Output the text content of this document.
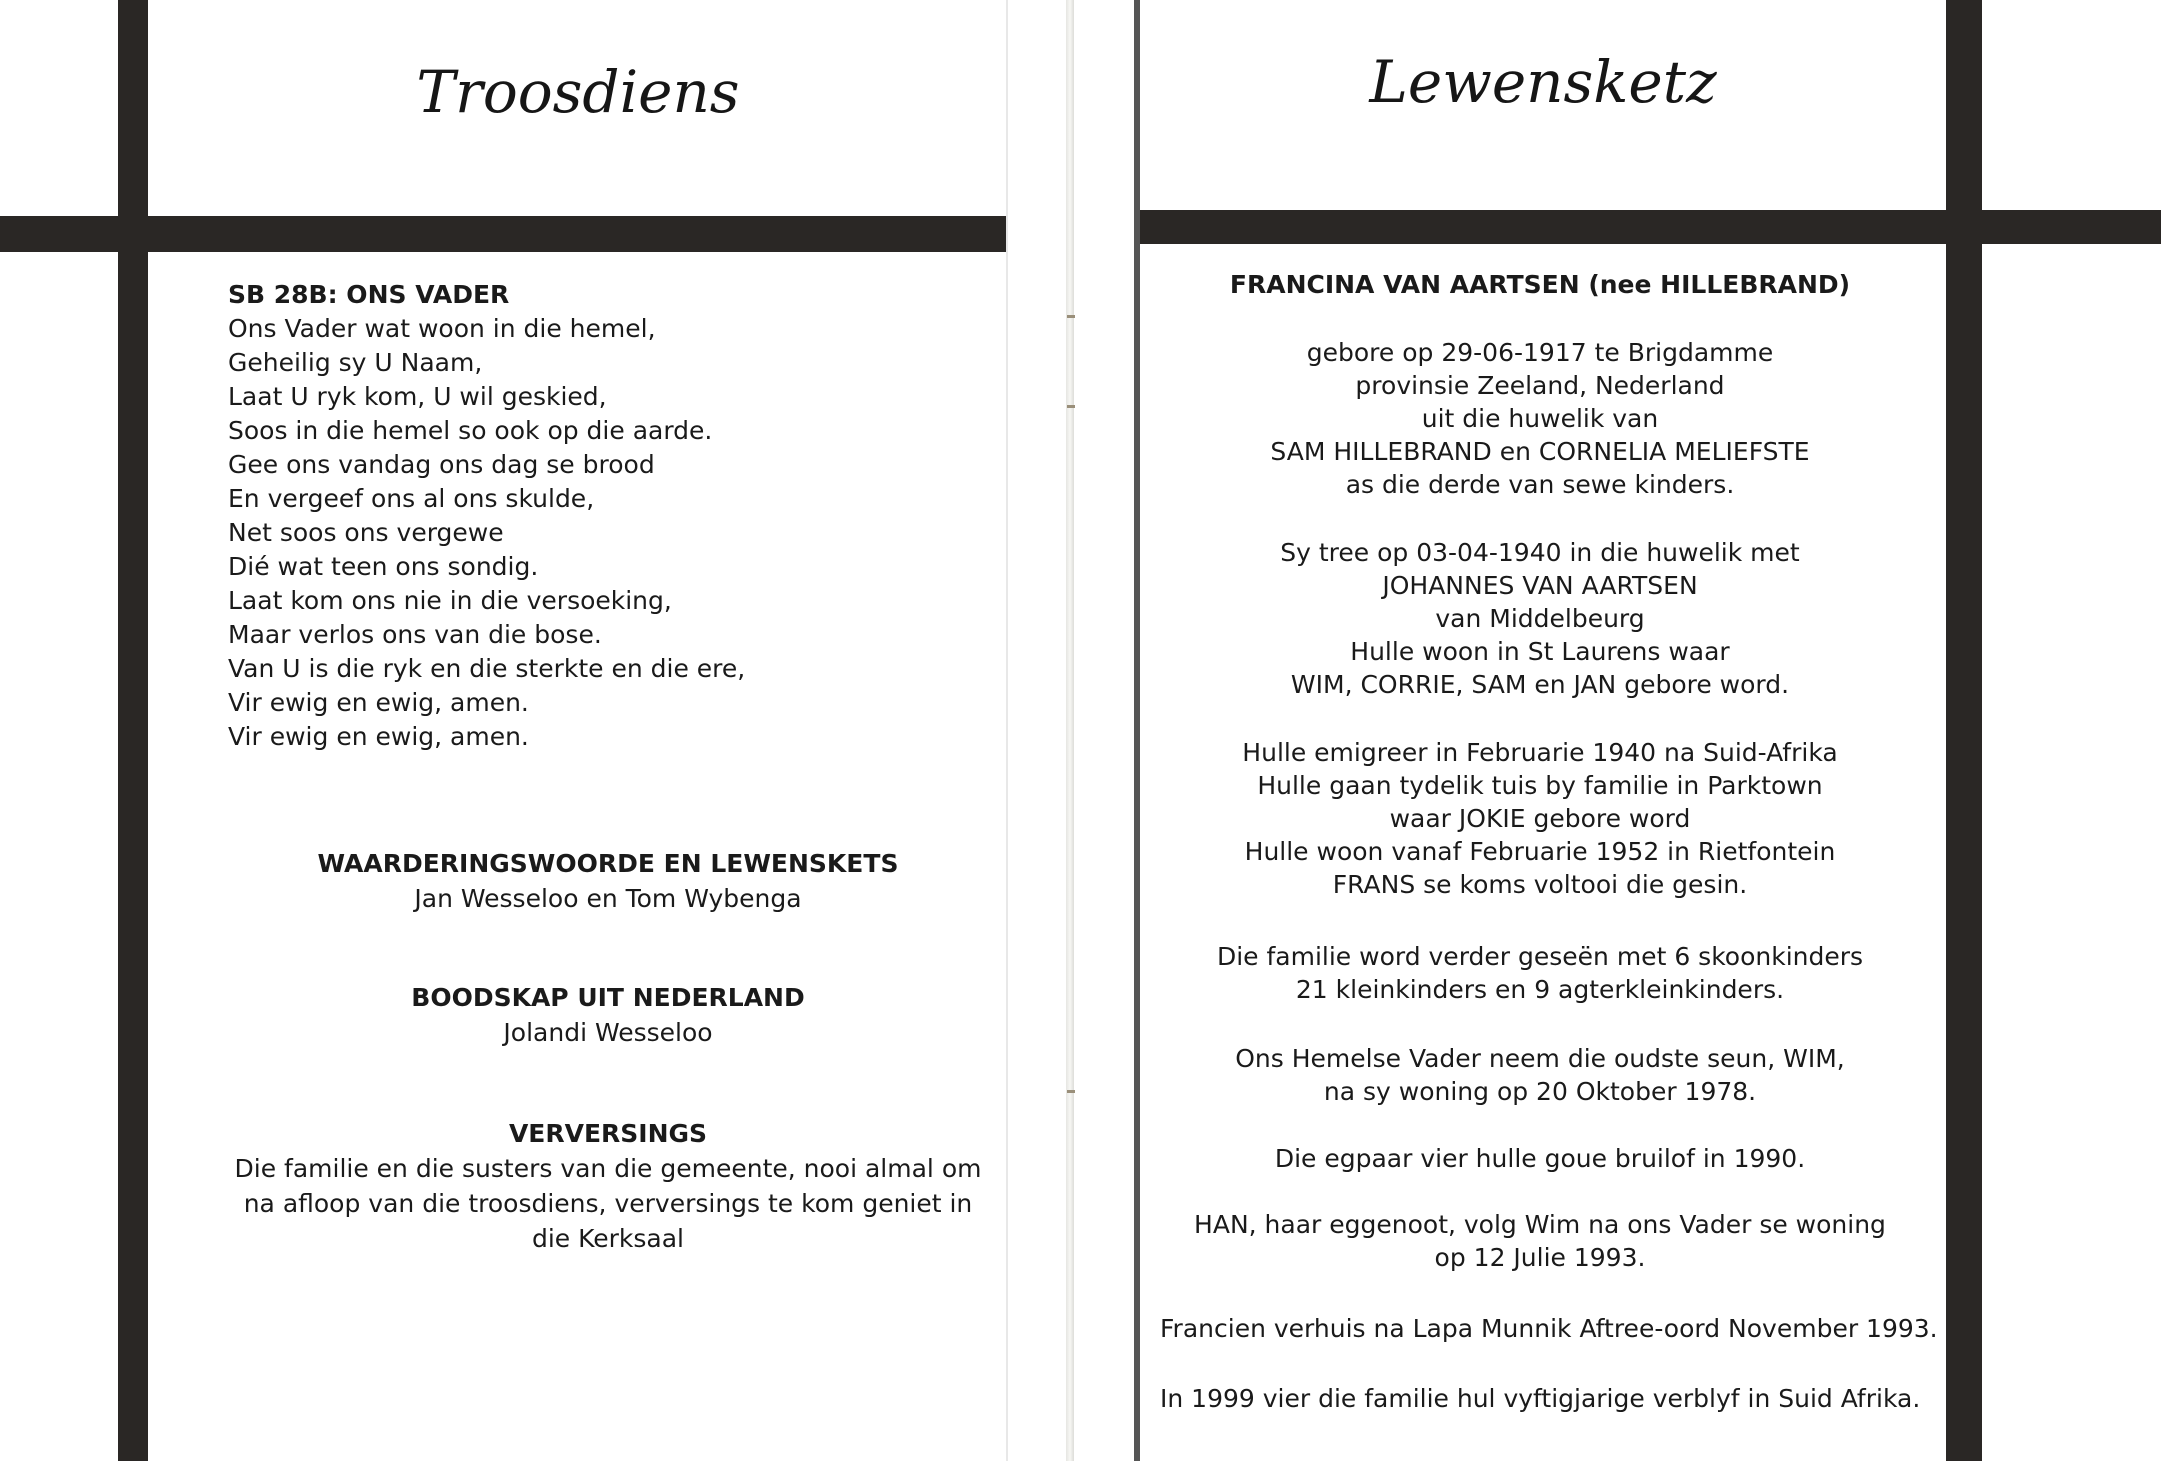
Troosdiens
SB 28B: ONS VADER
Ons Vader wat woon in die hemel,
Geheilig sy U Naam,
Laat U ryk kom, U wil geskied,
Soos in die hemel so ook op die aarde.
Gee ons vandag ons dag se brood
En vergeef ons al ons skulde,
Net soos ons vergewe
Dié wat teen ons sondig.
Laat kom ons nie in die versoeking,
Maar verlos ons van die bose.
Van U is die ryk en die sterkte en die ere,
Vir ewig en ewig, amen.
Vir ewig en ewig, amen.
WAARDERINGSWOORDE EN LEWENSKETS
Jan Wesseloo en Tom Wybenga
BOODSKAP UIT NEDERLAND
Jolandi Wesseloo
VERVERSINGS
Die familie en die susters van die gemeente, nooi almal om na afloop van die troosdiens, verversings te kom geniet in die Kerksaal
Lewensketz
FRANCINA VAN AARTSEN (nee HILLEBRAND)
gebore op 29-06-1917 te Brigdamme
provinsie Zeeland, Nederland
uit die huwelik van
SAM HILLEBRAND en CORNELIA MELIEFSTE
as die derde van sewe kinders.
Sy tree op 03-04-1940 in die huwelik met
JOHANNES VAN AARTSEN
van Middelbeurg
Hulle woon in St Laurens waar
WIM, CORRIE, SAM en JAN gebore word.
Hulle emigreer in Februarie 1940 na Suid-Afrika
Hulle gaan tydelik tuis by familie in Parktown
waar JOKIE gebore word
Hulle woon vanaf Februarie 1952 in Rietfontein
FRANS se koms voltooi die gesin.
Die familie word verder geseën met 6 skoonkinders
21 kleinkinders en 9 agterkleinkinders.
Ons Hemelse Vader neem die oudste seun, WIM,
na sy woning op 20 Oktober 1978.
Die egpaar vier hulle goue bruilof in 1990.
HAN, haar eggenoot, volg Wim na ons Vader se woning
op 12 Julie 1993.
Francien verhuis na Lapa Munnik Aftree-oord November 1993.
In 1999 vier die familie hul vyftigjarige verblyf in Suid Afrika.
